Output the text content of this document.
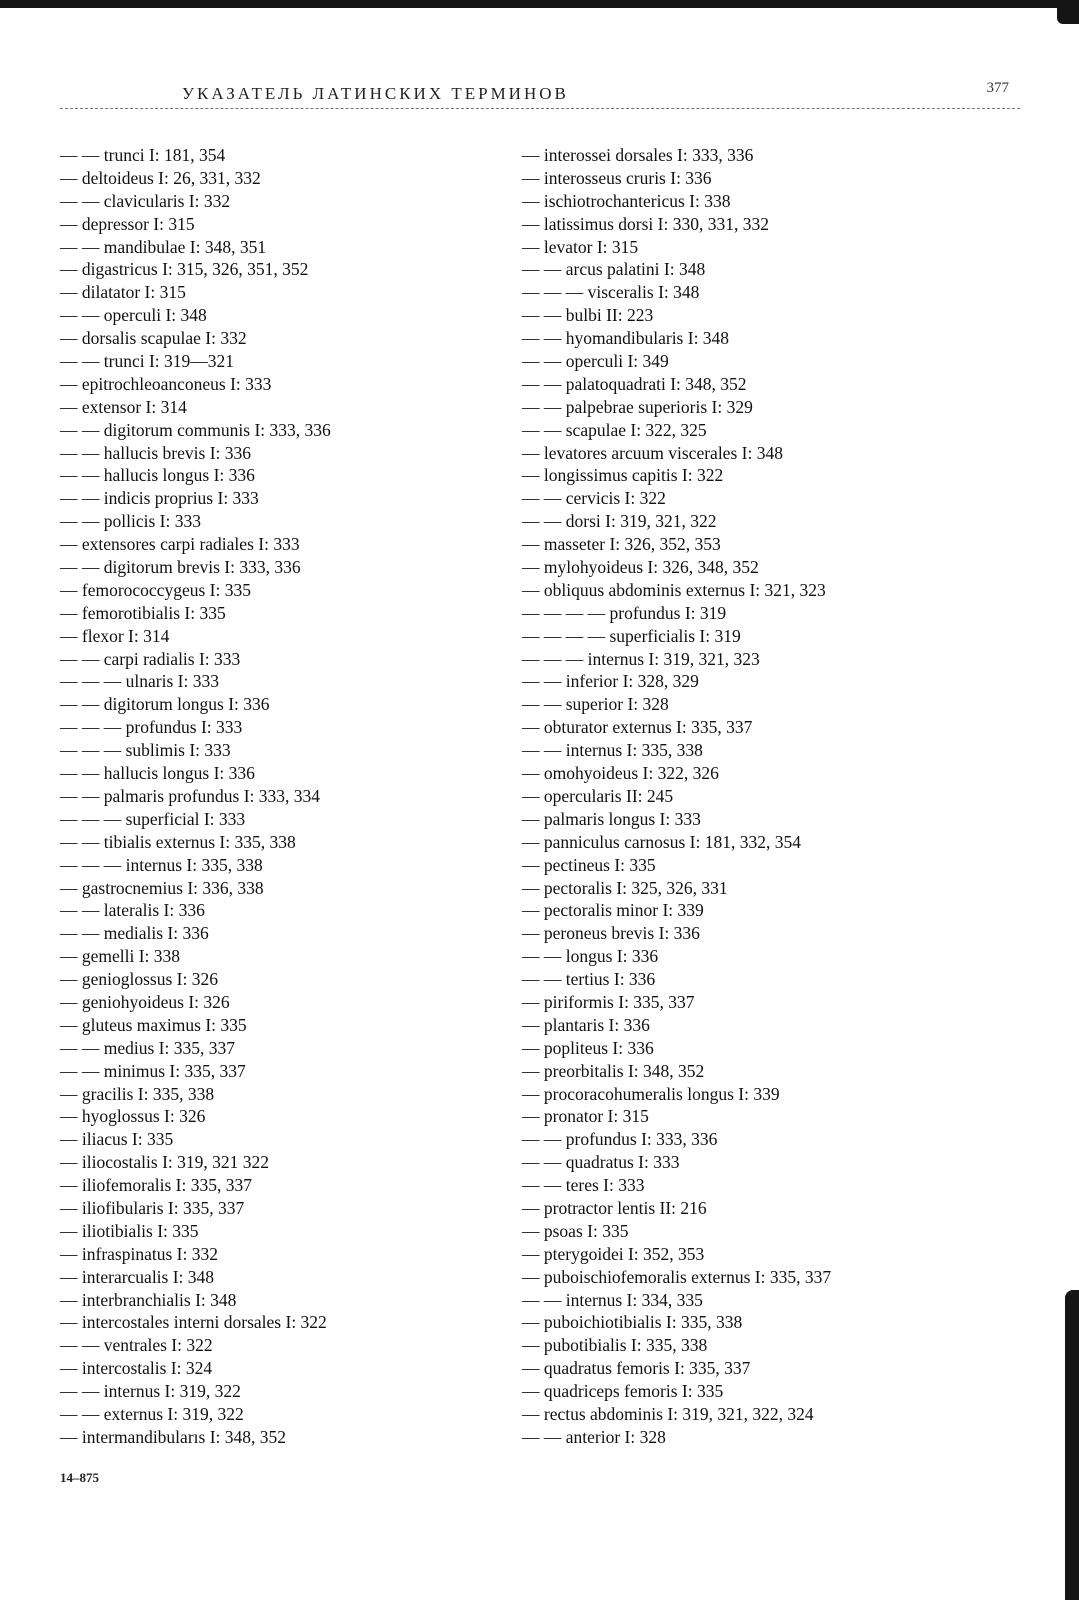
УКАЗАТЕЛЬ ЛАТИНСКИХ ТЕРМИНОВ	377
— — trunci I: 181, 354
— deltoideus I: 26, 331, 332
— — clavicularis I: 332
— depressor I: 315
— — mandibulae I: 348, 351
— digastricus I: 315, 326, 351, 352
— dilatator I: 315
— — operculi I: 348
— dorsalis scapulae I: 332
— — trunci I: 319—321
— epitrochleoanconeus I: 333
— extensor I: 314
— — digitorum communis I: 333, 336
— — hallucis brevis I: 336
— — hallucis longus I: 336
— — indicis proprius I: 333
— — pollicis I: 333
— extensores carpi radiales I: 333
— — digitorum brevis I: 333, 336
— femorococcygeus I: 335
— femorotibialis I: 335
— flexor I: 314
— — carpi radialis I: 333
— — — ulnaris I: 333
— — digitorum longus I: 336
— — — profundus I: 333
— — — sublimis I: 333
— — hallucis longus I: 336
— — palmaris profundus I: 333, 334
— — — superficial I: 333
— — tibialis externus I: 335, 338
— — — internus I: 335, 338
— gastrocnemius I: 336, 338
— — lateralis I: 336
— — medialis I: 336
— gemelli I: 338
— genioglossus I: 326
— geniohyoideus I: 326
— gluteus maximus I: 335
— — medius I: 335, 337
— — minimus I: 335, 337
— gracilis I: 335, 338
— hyoglossus I: 326
— iliacus I: 335
— iliocostalis I: 319, 321 322
— iliofemoralis I: 335, 337
— iliofibularis I: 335, 337
— iliotibialis I: 335
— infraspinatus I: 332
— interarcualis I: 348
— interbranchialis I: 348
— intercostales interni dorsales I: 322
— — ventrales I: 322
— intercostalis I: 324
— — internus I: 319, 322
— — externus I: 319, 322
— intermandibularıs I: 348, 352
— interossei dorsales I: 333, 336
— interosseus cruris I: 336
— ischiotrochantericus I: 338
— latissimus dorsi I: 330, 331, 332
— levator I: 315
— — arcus palatini I: 348
— — — visceralis I: 348
— — bulbi II: 223
— — hyomandibularis I: 348
— — operculi I: 349
— — palatoquadrati I: 348, 352
— — palpebrae superioris I: 329
— — scapulae I: 322, 325
— levatores arcuum viscerales I: 348
— longissimus capitis I: 322
— — cervicis I: 322
— — dorsi I: 319, 321, 322
— masseter I: 326, 352, 353
— mylohyoideus I: 326, 348, 352
— obliquus abdominis externus I: 321, 323
— — — — profundus I: 319
— — — — superficialis I: 319
— — — internus I: 319, 321, 323
— — inferior I: 328, 329
— — superior I: 328
— obturator externus I: 335, 337
— — internus I: 335, 338
— omohyoideus I: 322, 326
— opercularis II: 245
— palmaris longus I: 333
— panniculus carnosus I: 181, 332, 354
— pectineus I: 335
— pectoralis I: 325, 326, 331
— pectoralis minor I: 339
— peroneus brevis I: 336
— — longus I: 336
— — tertius I: 336
— piriformis I: 335, 337
— plantaris I: 336
— popliteus I: 336
— preorbitalis I: 348, 352
— procoracohumeralis longus I: 339
— pronator I: 315
— — profundus I: 333, 336
— — quadratus I: 333
— — teres I: 333
— protractor lentis II: 216
— psoas I: 335
— pterygoidei I: 352, 353
— puboischiofemoralis externus I: 335, 337
— — internus I: 334, 335
— puboichiotibialis I: 335, 338
— pubotibialis I: 335, 338
— quadratus femoris I: 335, 337
— quadriceps femoris I: 335
— rectus abdominis I: 319, 321, 322, 324
— — anterior I: 328
14–875
